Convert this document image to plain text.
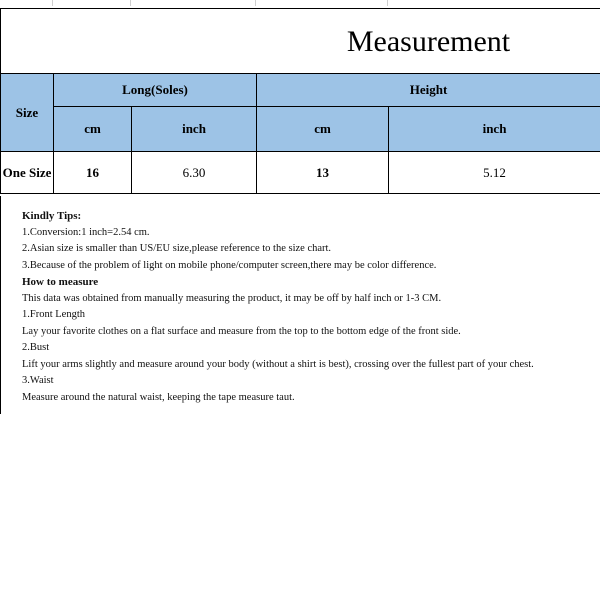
Measurement
Size	Long(Soles)		Height	
	cm	inch	cm	inch
One Size	16	6.30	13	5.12
Kindly Tips:
1.Conversion:1 inch=2.54 cm.
2.Asian size is smaller than US/EU size,please reference to the size chart.
3.Because of the problem of light on mobile phone/computer screen,there may be color difference.
How to measure
This data was obtained from manually measuring the product, it may be off by half inch or 1-3 CM.
1.Front Length
Lay your favorite clothes on a flat surface and measure from the top to the bottom edge of the front side.
2.Bust
Lift your arms slightly and measure around your body (without a shirt is best), crossing over the fullest part of your chest.
3.Waist
Measure around the natural waist, keeping the tape measure taut.
